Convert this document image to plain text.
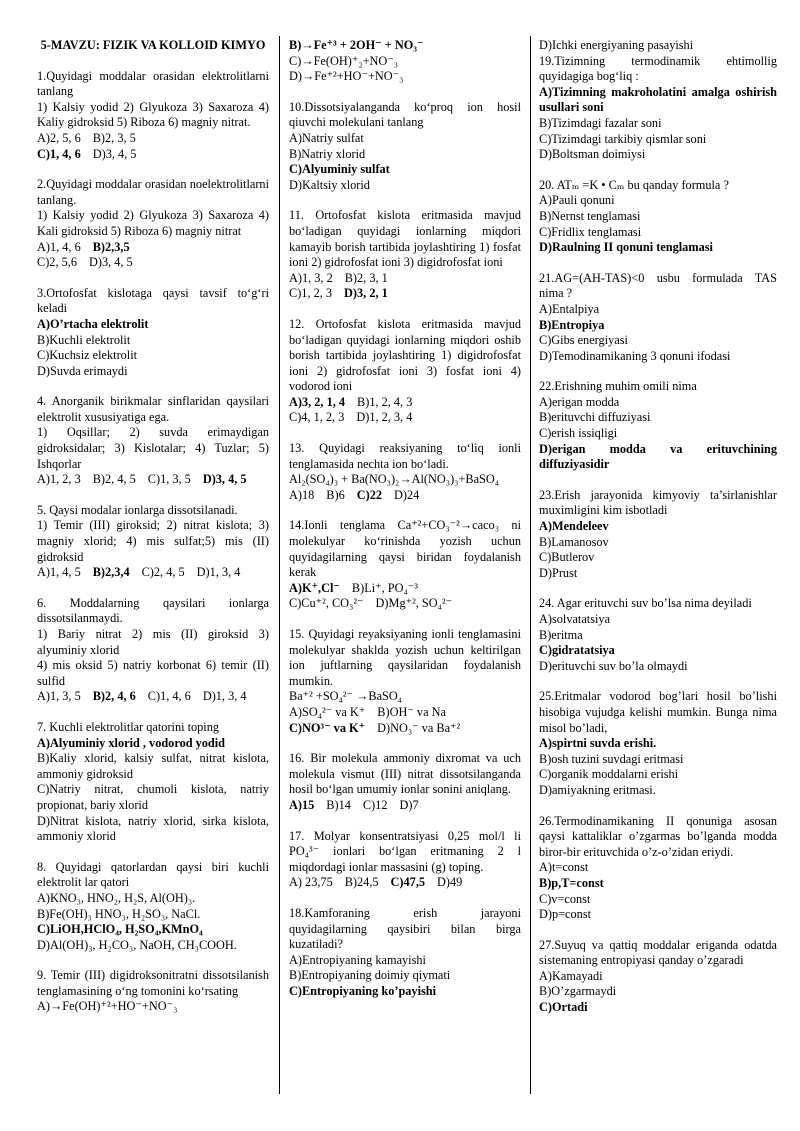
5-MAVZU: FIZIK VA KOLLOID KIMYO
1.Quyidagi moddalar orasidan elektrolitlarni tanlang
1) Kalsiy yodid 2) Glyukoza 3) Saxaroza 4) Kaliy gidroksid 5) Riboza 6) magniy nitrat.
A)2, 5, 6 B)2, 3, 5
C)1, 4, 6 D)3, 4, 5
2.Quyidagi moddalar orasidan noelektrolitlarni tanlang.
1) Kalsiy yodid 2) Glyukoza 3) Saxaroza 4) Kali gidroksid 5) Riboza 6) magniy nitrat
A)1, 4, 6 B)2,3,5
C)2, 5,6 D)3, 4, 5
3.Ortofosfat kislotaga qaysi tavsif to‘g‘ri keladi
A)O’rtacha elektrolit
B)Kuchli elektrolit
C)Kuchsiz elektrolit
D)Suvda erimaydi
4. Anorganik birikmalar sinflaridan qaysilari elektrolit xususiyatiga ega.
1) Oqsillar; 2) suvda erimaydigan gidroksidalar; 3) Kislotalar; 4) Tuzlar; 5) Ishqorlar
A)1, 2, 3 B)2, 4, 5 C)1, 3, 5 D)3, 4, 5
5. Qaysi modalar ionlarga dissotsilanadi.
1) Temir (III) giroksid; 2) nitrat kislota; 3) magniy xlorid; 4) mis sulfat;5) mis (II) gidroksid
A)1, 4, 5 B)2,3,4 C)2, 4, 5 D)1, 3, 4
6. Moddalarning qaysilari ionlarga dissotsilanmaydi.
1) Bariy nitrat 2) mis (II) giroksid 3) alyuminiy xlorid
4) mis oksid 5) natriy korbonat 6) temir (II) sulfid
A)1, 3, 5 B)2, 4, 6 C)1, 4, 6 D)1, 3, 4
7. Kuchli elektrolitlar qatorini toping
A)Alyuminiy xlorid , vodorod yodid
B)Kaliy xlorid, kalsiy sulfat, nitrat kislota, ammoniy gidroksid
C)Natriy nitrat, chumoli kislota, natriy propionat, bariy xlorid
D)Nitrat kislota, natriy xlorid, sirka kislota, ammoniy xlorid
8. Quyidagi qatorlardan qaysi biri kuchli elektrolit lar qatori
A)KNO₃, HNO₂, H₂S, Al(OH)₃.
B)Fe(OH)₃ HNO₃, H₂SO₃, NaCl.
C)LiOH,HClO₄, H₂SO₄,KMnO₄
D)Al(OH)₃, H₂CO₃, NaOH, CH₃COOH.
9. Temir (III) digidroksonitratni dissotsilanish tenglamasining o‘ng tomonini ko‘rsating
A)→Fe(OH)⁺²+HO⁻+NO⁻₃
B)→Fe⁺³ + 2OH⁻ + NO₃⁻
C)→Fe(OH)⁺₂+NO⁻₃
D)→Fe⁺²+HO⁻+NO⁻₃
10.Dissotsiyalanganda ko‘proq ion hosil qiuvchi molekulani tanlang
A)Natriy sulfat
B)Natriy xlorid
C)Alyuminiy sulfat
D)Kaltsiy xlorid
11. Ortofosfat kislota eritmasida mavjud bo‘ladigan quyidagi ionlarning miqdori kamayib borish tartibida joylashtiring 1) fosfat ioni 2) gidrofosfat ioni 3) digidrofosfat ioni
A)1, 3, 2 B)2, 3, 1
C)1, 2, 3 D)3, 2, 1
12. Ortofosfat kislota eritmasida mavjud bo‘ladigan quyidagi ionlarning miqdori oshib borish tartibida joylashtiring 1) digidrofosfat ioni 2) gidrofosfat ioni 3) fosfat ioni 4) vodorod ioni
A)3, 2, 1, 4 B)1, 2, 4, 3
C)4, 1, 2, 3 D)1, 2, 3, 4
13. Quyidagi reaksiyaning to‘liq ionli tenglamasida nechta ion bo‘ladi.
Al₂(SO₄)₃ + Ba(NO₃)₂→Al(NO₃)₃+BaSO₄
A)18 B)6 C)22 D)24
14.Ionli tenglama Ca⁺²+CO₃⁻²→caco₃ ni molekulyar ko‘rinishda yozish uchun quyidagilarning qaysi biridan foydalanish kerak
A)K⁺,Cl⁻ B)Li⁺, PO₄⁻³
C)Cu⁺², CO₃²⁻ D)Mg⁺², SO₄²⁻
15. Quyidagi reyaksiyaning ionli tenglamasini molekulyar shaklda yozish uchun keltirilgan ion juftlarning qaysilaridan foydalanish mumkin.
Ba⁺² +SO₄²⁻ →BaSO₄
A)SO₄²⁻ va K⁺ B)OH⁻ va Na
C)NO³⁻ va K⁺ D)NO₃⁻ va Ba⁺²
16. Bir molekula ammoniy dixromat va uch molekula vismut (III) nitrat dissotsilanganda hosil bo‘lgan umumiy ionlar sonini aniqlang.
A)15 B)14 C)12 D)7
17. Molyar konsentratsiyasi 0,25 mol/l li PO₄³⁻ ionlari bo‘lgan eritmaning 2 l miqdordagi ionlar massasini (g) toping.
A) 23,75 B)24,5 C)47,5 D)49
18.Kamforaning erish jarayoni quyidagilarning qaysibiri bilan birga kuzatiladi?
A)Entropiyaning kamayishi
B)Entropiyaning doimiy qiymati
C)Entropiyaning ko’payishi
D)Ichki energiyaning pasayishi
19.Tizimning termodinamik ehtimollig quyidagiga bog‘liq :
A)Tizimning makroholatini amalga oshirish usullari soni
B)Tizimdagi fazalar soni
C)Tizimdagi tarkibiy qismlar soni
D)Boltsman doimiysi
20. ATₘ =K • Cₘ bu qanday formula ?
A)Pauli qonuni
B)Nernst tenglamasi
C)Fridlix tenglamasi
D)Raulning II qonuni tenglamasi
21.AG=(AH-TAS)<0 usbu formulada TAS nima ?
A)Entalpiya
B)Entropiya
C)Gibs energiyasi
D)Temodinamikaning 3 qonuni ifodasi
22.Erishning muhim omili nima
A)erigan modda
B)erituvchi diffuziyasi
C)erish issiqligi
D)erigan modda va erituvchining diffuziyasidir
23.Erish jarayonida kimyoviy ta’sirlanishlar muximligini kim isbotladi
A)Mendeleev
B)Lamanosov
C)Butlerov
D)Prust
24. Agar erituvchi suv bo’lsa nima deyiladi
A)solvatatsiya
B)eritma
C)gidratatsiya
D)erituvchi suv bo’la olmaydi
25.Eritmalar vodorod bog’lari hosil bo’lishi hisobiga vujudga kelishi mumkin. Bunga nima misol bo’ladi,
A)spirtni suvda erishi.
B)osh tuzini suvdagi eritmasi
C)organik moddalarni erishi
D)amiyakning eritmasi.
26.Termodinamikaning II qonuniga asosan qaysi kattaliklar o’zgarmas bo’lganda modda biror-bir erituvchida o’z-o’zidan eriydi.
A)t=const
B)p,T=const
C)v=const
D)p=const
27.Suyuq va qattiq moddalar eriganda odatda sistemaning entropiyasi qanday o’zgaradi
A)Kamayadi
B)O’zgarmaydi
C)Ortadi
